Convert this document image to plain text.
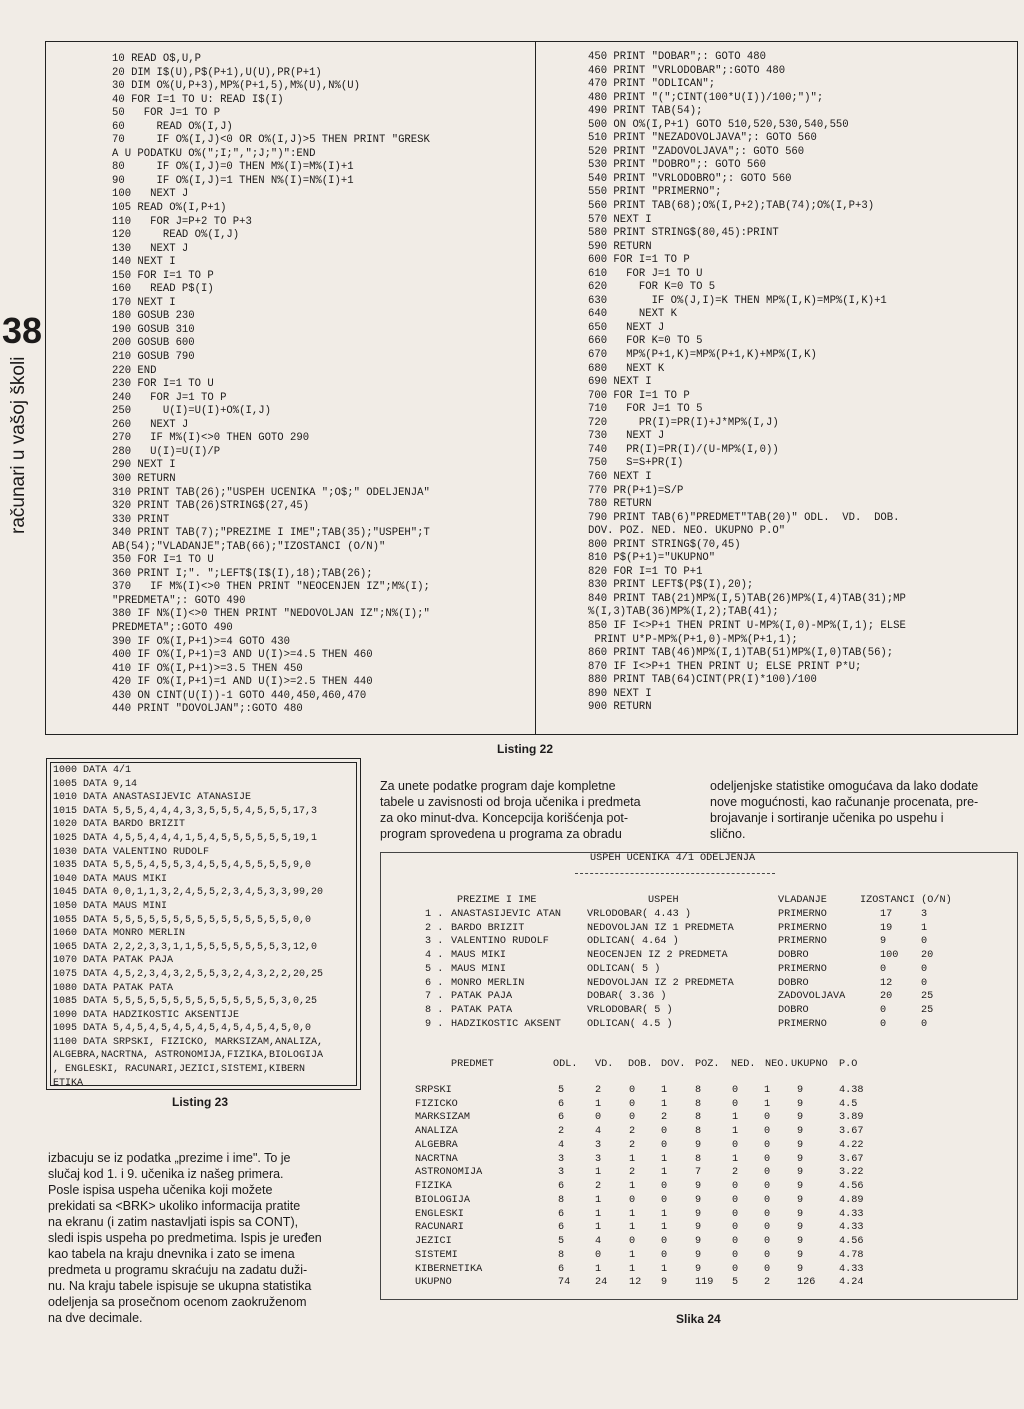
38
računari u vašoj školi
10 READ O$,U,P
20 DIM I$(U),P$(P+1),U(U),PR(P+1)
30 DIM O%(U,P+3),MP%(P+1,5),M%(U),N%(U)
40 FOR I=1 TO U: READ I$(I)
50   FOR J=1 TO P
60     READ O%(I,J)
70     IF O%(I,J)<0 OR O%(I,J)>5 THEN PRINT "GRESK
A U PODATKU O%(";I;",";J;")":END
80     IF O%(I,J)=0 THEN M%(I)=M%(I)+1
90     IF O%(I,J)=1 THEN N%(I)=N%(I)+1
100   NEXT J
105 READ O%(I,P+1)
110   FOR J=P+2 TO P+3
120     READ O%(I,J)
130   NEXT J
140 NEXT I
150 FOR I=1 TO P
160   READ P$(I)
170 NEXT I
180 GOSUB 230
190 GOSUB 310
200 GOSUB 600
210 GOSUB 790
220 END
230 FOR I=1 TO U
240   FOR J=1 TO P
250     U(I)=U(I)+O%(I,J)
260   NEXT J
270   IF M%(I)<>0 THEN GOTO 290
280   U(I)=U(I)/P
290 NEXT I
300 RETURN
310 PRINT TAB(26);"USPEH UCENIKA ";O$;" ODELJENJA"
320 PRINT TAB(26)STRING$(27,45)
330 PRINT
340 PRINT TAB(7);"PREZIME I IME";TAB(35);"USPEH";T
AB(54);"VLADANJE";TAB(66);"IZOSTANCI (O/N)"
350 FOR I=1 TO U
360 PRINT I;". ";LEFT$(I$(I),18);TAB(26);
370   IF M%(I)<>0 THEN PRINT "NEOCENJEN IZ";M%(I);
"PREDMETA";: GOTO 490
380 IF N%(I)<>0 THEN PRINT "NEDOVOLJAN IZ";N%(I);"
PREDMETA";:GOTO 490
390 IF O%(I,P+1)>=4 GOTO 430
400 IF O%(I,P+1)=3 AND U(I)>=4.5 THEN 460
410 IF O%(I,P+1)>=3.5 THEN 450
420 IF O%(I,P+1)=1 AND U(I)>=2.5 THEN 440
430 ON CINT(U(I))-1 GOTO 440,450,460,470
440 PRINT "DOVOLJAN";:GOTO 480
450 PRINT "DOBAR";: GOTO 480
460 PRINT "VRLODOBAR";:GOTO 480
470 PRINT "ODLICAN";
480 PRINT "(";CINT(100*U(I))/100;")";
490 PRINT TAB(54);
500 ON O%(I,P+1) GOTO 510,520,530,540,550
510 PRINT "NEZADOVOLJAVA";: GOTO 560
520 PRINT "ZADOVOLJAVA";: GOTO 560
530 PRINT "DOBRO";: GOTO 560
540 PRINT "VRLODOBRO";: GOTO 560
550 PRINT "PRIMERNO";
560 PRINT TAB(68);O%(I,P+2);TAB(74);O%(I,P+3)
570 NEXT I
580 PRINT STRING$(80,45):PRINT
590 RETURN
600 FOR I=1 TO P
610   FOR J=1 TO U
620     FOR K=0 TO 5
630       IF O%(J,I)=K THEN MP%(I,K)=MP%(I,K)+1
640     NEXT K
650   NEXT J
660   FOR K=0 TO 5
670   MP%(P+1,K)=MP%(P+1,K)+MP%(I,K)
680   NEXT K
690 NEXT I
700 FOR I=1 TO P
710   FOR J=1 TO 5
720     PR(I)=PR(I)+J*MP%(I,J)
730   NEXT J
740   PR(I)=PR(I)/(U-MP%(I,0))
750   S=S+PR(I)
760 NEXT I
770 PR(P+1)=S/P
780 RETURN
790 PRINT TAB(6)"PREDMET"TAB(20)" ODL.  VD.  DOB.
DOV. POZ. NED. NEO. UKUPNO P.O"
800 PRINT STRING$(70,45)
810 P$(P+1)="UKUPNO"
820 FOR I=1 TO P+1
830 PRINT LEFT$(P$(I),20);
840 PRINT TAB(21)MP%(I,5)TAB(26)MP%(I,4)TAB(31);MP
%(I,3)TAB(36)MP%(I,2);TAB(41);
850 IF I<>P+1 THEN PRINT U-MP%(I,0)-MP%(I,1); ELSE
PRINT U*P-MP%(P+1,0)-MP%(P+1,1);
860 PRINT TAB(46)MP%(I,1)TAB(51)MP%(I,0)TAB(56);
870 IF I<>P+1 THEN PRINT U; ELSE PRINT P*U;
880 PRINT TAB(64)CINT(PR(I)*100)/100
890 NEXT I
900 RETURN
Listing 22
1000 DATA 4/1
1005 DATA 9,14
1010 DATA ANASTASIJEVIC ATANASIJE
1015 DATA 5,5,5,4,4,4,3,3,5,5,5,4,5,5,5,17,3
1020 DATA BARDO BRIZIT
1025 DATA 4,5,5,4,4,4,1,5,4,5,5,5,5,5,5,19,1
1030 DATA VALENTINO RUDOLF
1035 DATA 5,5,5,4,5,5,3,4,5,5,4,5,5,5,5,9,0
1040 DATA MAUS MIKI
1045 DATA 0,0,1,1,3,2,4,5,5,2,3,4,5,3,3,99,20
1050 DATA MAUS MINI
1055 DATA 5,5,5,5,5,5,5,5,5,5,5,5,5,5,5,0,0
1060 DATA MONRO MERLIN
1065 DATA 2,2,2,3,3,1,1,5,5,5,5,5,5,5,3,12,0
1070 DATA PATAK PAJA
1075 DATA 4,5,2,3,4,3,2,5,5,3,2,4,3,2,2,20,25
1080 DATA PATAK PATA
1085 DATA 5,5,5,5,5,5,5,5,5,5,5,5,5,5,3,0,25
1090 DATA HADZIKOSTIC AKSENTIJE
1095 DATA 5,4,5,4,5,4,5,4,5,4,5,4,5,4,5,0,0
1100 DATA SRPSKI, FIZICKO, MARKSIZAM,ANALIZA,
ALGEBRA,NACRTNA, ASTRONOMIJA,FIZIKA,BIOLOGIJA
, ENGLESKI, RACUNARI,JEZICI,SISTEMI,KIBERN
ETIKA
Listing 23
Za unete podatke program daje kompletne
tabele u zavisnosti od broja učenika i predmeta
za oko minut-dva. Koncepcija korišćenja pot-
program sprovedena u programa za obradu
odeljenjske statistike omogućava da lako dodate
nove mogućnosti, kao računanje procenata, pre-
brojavanje i sortiranje učenika po uspehu i
slično.
izbacuju se iz podatka „prezime i ime". To je
slučaj kod 1. i 9. učenika iz našeg primera.
Posle ispisa uspeha učenika koji možete
prekidati sa <BRK> ukoliko informacija pratite
na ekranu (i zatim nastavljati ispis sa CONT),
sledi ispis uspeha po predmetima. Ispis je uređen
kao tabela na kraju dnevnika i zato se imena
predmeta u programu skraćuju na zadatu duži-
nu. Na kraju tabele ispisuje se ukupna statistika
odeljenja sa prosečnom ocenom zaokruženom
na dve decimale.
USPEH UCENIKA 4/1 ODELJENJA
PREZIME I IME	USPEH	VLADANJE	IZOSTANCI (O/N)
1 . ANASTASIJEVIC ATAN	VRLODOBAR( 4.43 )	PRIMERNO	17	3
2 . BARDO BRIZIT	NEDOVOLJAN IZ 1 PREDMETA	PRIMERNO	19	1
3 . VALENTINO RUDOLF	ODLICAN( 4.64 )	PRIMERNO	9	0
4 . MAUS MIKI	NEOCENJEN IZ 2 PREDMETA	DOBRO	100 20
5 . MAUS MINI	ODLICAN( 5 )	PRIMERNO	0	0
6 . MONRO MERLIN	NEDOVOLJAN IZ 2 PREDMETA	DOBRO	12	0
7 . PATAK PAJA	DOBAR( 3.36 )	ZADOVOLJAVA	20	25
8 . PATAK PATA	VRLODOBAR( 5 )	DOBRO	0	25
9 . HADZIKOSTIC AKSENT	ODLICAN( 4.5 )	PRIMERNO	0	0
PREDMET	ODL. VD. DOB. DOV. POZ. NED. NEO. UKUPNO P.O
SRPSKI	5	2	0	1	8	0	1	9	4.38
FIZICKO	6	1	0	1	8	0	1	9	4.5
MARKSIZAM	6	0	0	2	8	1	0	9	3.89
ANALIZA	2	4	2	0	8	1	0	9	3.67
ALGEBRA	4	3	2	0	9	0	0	9	4.22
NACRTNA	3	3	1	1	8	1	0	9	3.67
ASTRONOMIJA	3	1	2	1	7	2	0	9	3.22
FIZIKA	6	2	1	0	9	0	0	9	4.56
BIOLOGIJA	8	1	0	0	9	0	0	9	4.89
ENGLESKI	6	1	1	1	9	0	0	9	4.33
RACUNARI	6	1	1	1	9	0	0	9	4.33
JEZICI	5	4	0	0	9	0	0	9	4.56
SISTEMI	8	0	1	0	9	0	0	9	4.78
KIBERNETIKA	6	1	1	1	9	0	0	9	4.33
UKUPNO	74 24 12 9	119 5	2	126 4.24
Slika 24
